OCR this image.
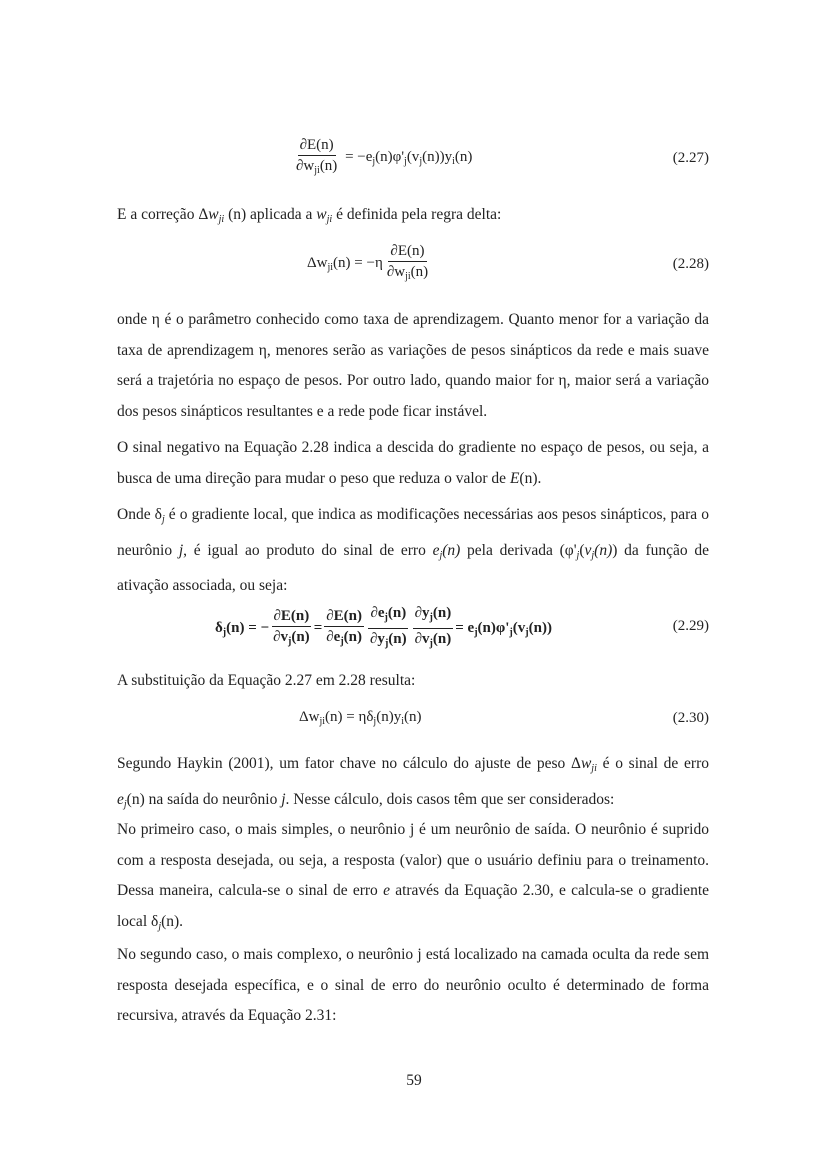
$\frac{\partial E(n)}{\partial w_{ji}(n)} = -e_j(n)\varphi'_j(v_j(n))y_i(n)$	(2.27)

E a correção $\Delta w_{ji}$ (n) aplicada a $w_{ji}$ é definida pela regra delta:

$\Delta w_{ji}(n) = -\eta \frac{\partial E(n)}{\partial w_{ji}(n)}$	(2.28)

onde η é o parâmetro conhecido como taxa de aprendizagem. Quanto menor for a variação da taxa de aprendizagem η, menores serão as variações de pesos sinápticos da rede e mais suave será a trajetória no espaço de pesos. Por outro lado, quando maior for η, maior será a variação dos pesos sinápticos resultantes e a rede pode ficar instável.

O sinal negativo na Equação 2.28 indica a descida do gradiente no espaço de pesos, ou seja, a busca de uma direção para mudar o peso que reduza o valor de E(n).

Onde $\delta_j$ é o gradiente local, que indica as modificações necessárias aos pesos sinápticos, para o neurônio j, é igual ao produto do sinal de erro $e_j(n)$ pela derivada ($\varphi'_j(v_j(n))$ da função de ativação associada, ou seja:

$\delta_j(n)$ = − $\frac{\partial E(n)}{\partial v_j(n)} = \frac{\partial E(n)}{\partial e_j(n)} \frac{\partial e_j(n)}{\partial y_j(n)} \frac{\partial y_j(n)}{\partial v_j(n)} = e_j(n)\varphi'_j(v_j(n))$	(2.29)

A substituição da Equação 2.27 em 2.28 resulta:

$\Delta w_{ji}(n) = \eta\delta_j(n)y_i(n)$	(2.30)

Segundo Haykin (2001), um fator chave no cálculo do ajuste de peso $\Delta w_{ji}$ é o sinal de erro $e_j(n)$ na saída do neurônio j. Nesse cálculo, dois casos têm que ser considerados:

No primeiro caso, o mais simples, o neurônio j é um neurônio de saída. O neurônio é suprido com a resposta desejada, ou seja, a resposta (valor) que o usuário definiu para o treinamento. Dessa maneira, calcula-se o sinal de erro e através da Equação 2.30, e calcula-se o gradiente local $\delta_j(n)$.

No segundo caso, o mais complexo, o neurônio j está localizado na camada oculta da rede sem resposta desejada específica, e o sinal de erro do neurônio oculto é determinado de forma recursiva, através da Equação 2.31:

59
